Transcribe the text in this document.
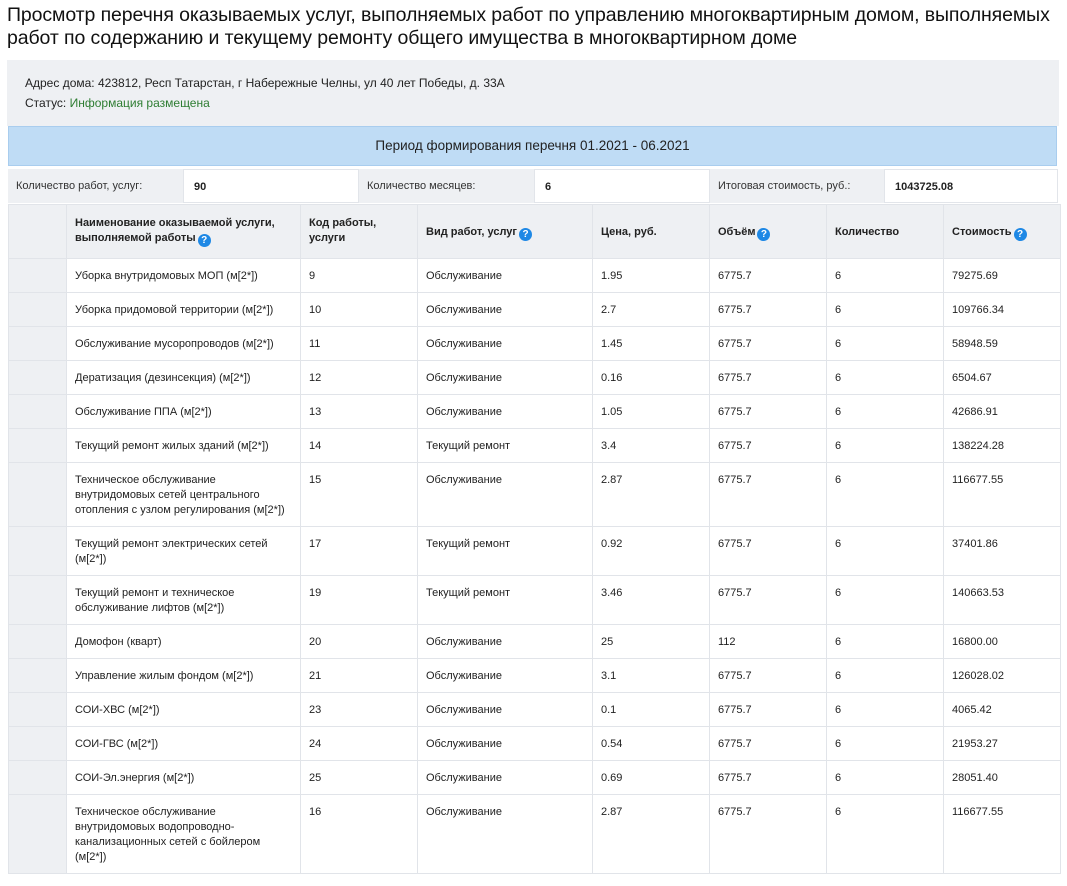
Просмотр перечня оказываемых услуг, выполняемых работ по управлению многоквартирным домом, выполняемых работ по содержанию и текущему ремонту общего имущества в многоквартирном доме
Адрес дома: 423812, Респ Татарстан, г Набережные Челны, ул 40 лет Победы, д. 33А
Статус: Информация размещена
Период формирования перечня 01.2021 - 06.2021
Количество работ, услуг:	90	Количество месяцев:	6	Итоговая стоимость, руб.:	1043725.08
	Наименование оказываемой услуги, выполняемой работы ?	Код работы, услуги	Вид работ, услуг ?	Цена, руб.	Объём ?	Количество	Стоимость ?
	Уборка внутридомовых МОП (м[2*])	9	Обслуживание	1.95	6775.7	6	79275.69
	Уборка придомовой территории (м[2*])	10	Обслуживание	2.7	6775.7	6	109766.34
	Обслуживание мусоропроводов (м[2*])	11	Обслуживание	1.45	6775.7	6	58948.59
	Дератизация (дезинсекция) (м[2*])	12	Обслуживание	0.16	6775.7	6	6504.67
	Обслуживание ППА (м[2*])	13	Обслуживание	1.05	6775.7	6	42686.91
	Текущий ремонт жилых зданий (м[2*])	14	Текущий ремонт	3.4	6775.7	6	138224.28
	Техническое обслуживание внутридомовых сетей центрального отопления с узлом регулирования (м[2*])	15	Обслуживание	2.87	6775.7	6	116677.55
	Текущий ремонт электрических сетей (м[2*])	17	Текущий ремонт	0.92	6775.7	6	37401.86
	Текущий ремонт и техническое обслуживание лифтов (м[2*])	19	Текущий ремонт	3.46	6775.7	6	140663.53
	Домофон (кварт)	20	Обслуживание	25	112	6	16800.00
	Управление жилым фондом (м[2*])	21	Обслуживание	3.1	6775.7	6	126028.02
	СОИ-ХВС (м[2*])	23	Обслуживание	0.1	6775.7	6	4065.42
	СОИ-ГВС (м[2*])	24	Обслуживание	0.54	6775.7	6	21953.27
	СОИ-Эл.энергия (м[2*])	25	Обслуживание	0.69	6775.7	6	28051.40
	Техническое обслуживание внутридомовых водопроводно-канализационных сетей с бойлером (м[2*])	16	Обслуживание	2.87	6775.7	6	116677.55
